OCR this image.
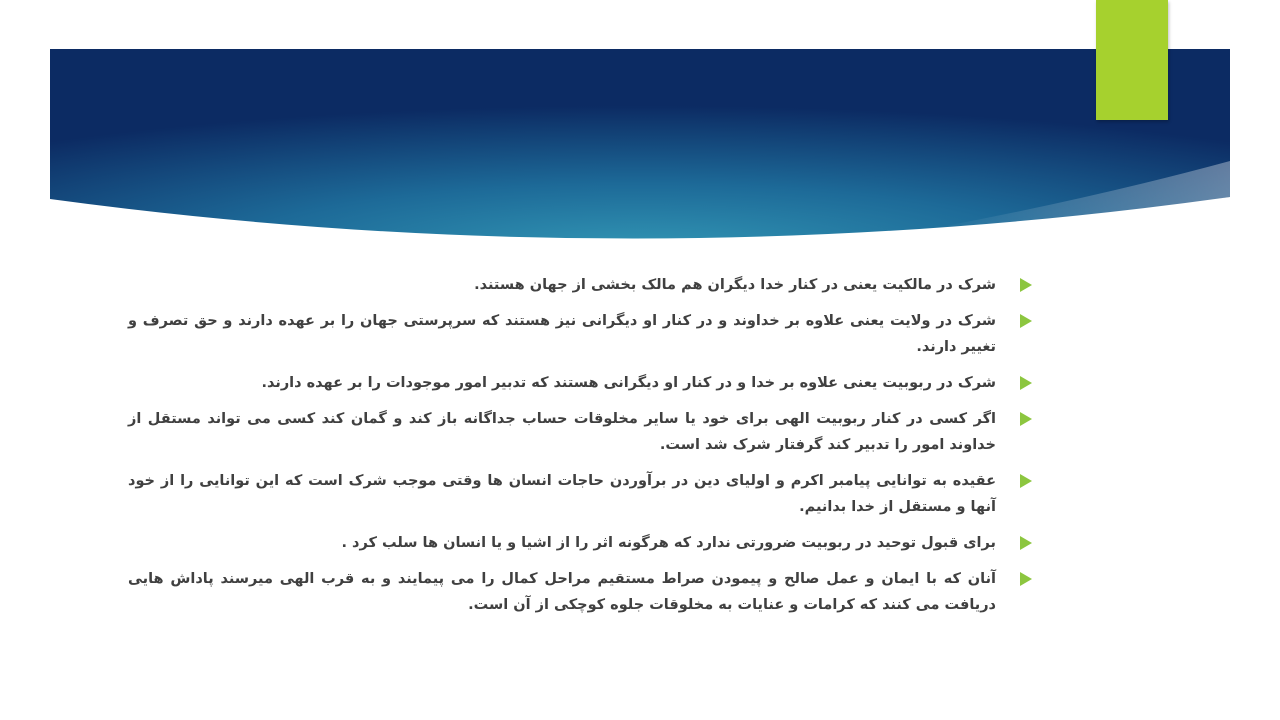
شرک در مالکیت یعنی در کنار خدا دیگران هم مالک بخشی از جهان هستند.
شرک در ولایت یعنی علاوه بر خداوند و در کنار او دیگرانی نیز هستند که سرپرستی جهان را بر عهده دارند و حق تصرف و تغییر دارند.
شرک در ربوبیت یعنی علاوه بر خدا و در کنار او دیگرانی هستند که تدبیر امور موجودات را بر عهده دارند.
اگر کسی در کنار ربوبیت الهی برای خود یا سایر مخلوقات حساب جداگانه باز کند و گمان کند کسی می تواند مستقل از خداوند امور را تدبیر کند گرفتار شرک شد است.
عقیده به توانایی پیامبر اکرم و اولیای دین در برآوردن حاجات انسان ها وقتی موجب شرک است که این توانایی را از خود آنها و مستقل از خدا بدانیم.
برای قبول توحید در ربوبیت ضرورتی ندارد که هرگونه اثر را از اشیا و یا انسان ها سلب کرد .
آنان که با ایمان و عمل صالح و پیمودن صراط مستقیم مراحل کمال را می پیمایند و به قرب الهی میرسند پاداش هایی دریافت می کنند که کرامات و عنایات به مخلوقات جلوه کوچکی از آن است.
